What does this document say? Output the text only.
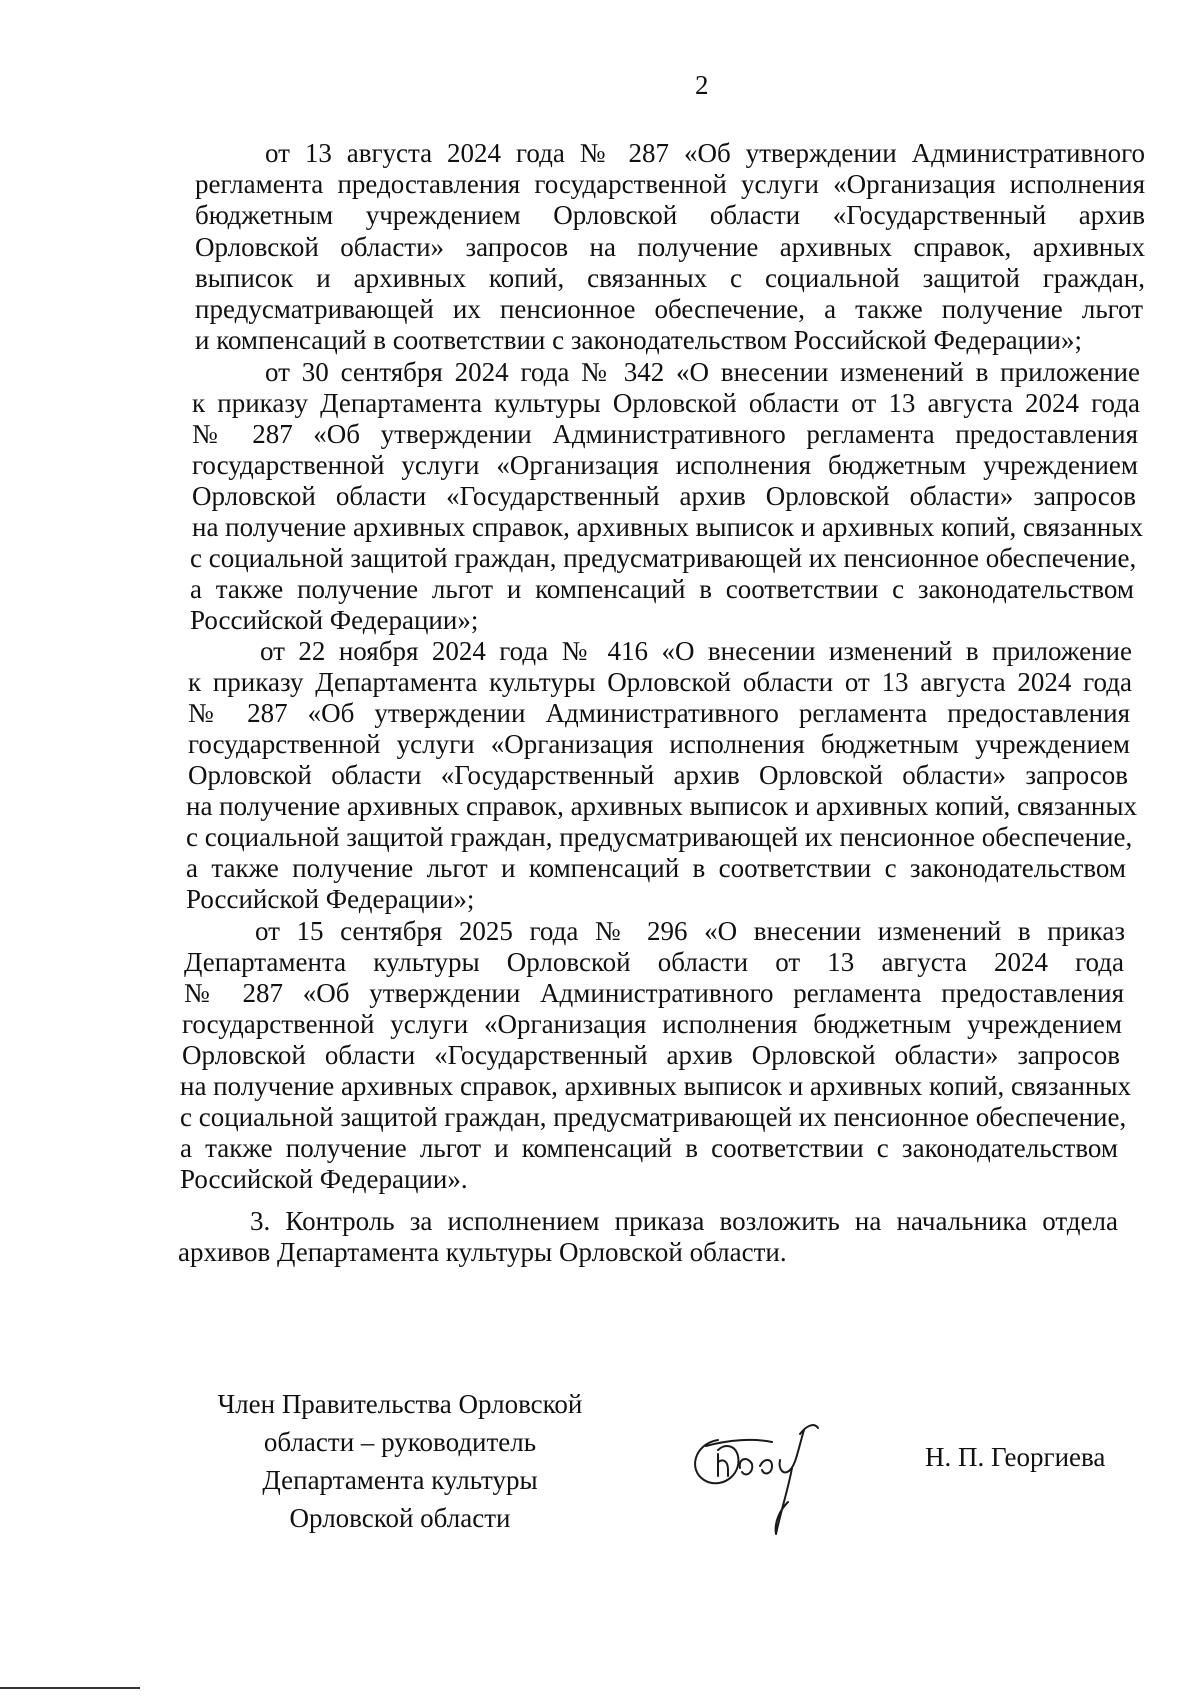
2
от 13 августа 2024 года № 287 «Об утверждении Административного
регламента предоставления государственной услуги «Организация исполнения
бюджетным учреждением Орловской области «Государственный архив
Орловской области» запросов на получение архивных справок, архивных
выписок и архивных копий, связанных с социальной защитой граждан,
предусматривающей их пенсионное обеспечение, а также получение льгот
и компенсаций в соответствии с законодательством Российской Федерации»;
от 30 сентября 2024 года № 342 «О внесении изменений в приложение
к приказу Департамента культуры Орловской области от 13 августа 2024 года
№ 287 «Об утверждении Административного регламента предоставления
государственной услуги «Организация исполнения бюджетным учреждением
Орловской области «Государственный архив Орловской области» запросов
на получение архивных справок, архивных выписок и архивных копий, связанных
с социальной защитой граждан, предусматривающей их пенсионное обеспечение,
а также получение льгот и компенсаций в соответствии с законодательством
Российской Федерации»;
от 22 ноября 2024 года № 416 «О внесении изменений в приложение
к приказу Департамента культуры Орловской области от 13 августа 2024 года
№ 287 «Об утверждении Административного регламента предоставления
государственной услуги «Организация исполнения бюджетным учреждением
Орловской области «Государственный архив Орловской области» запросов
на получение архивных справок, архивных выписок и архивных копий, связанных
с социальной защитой граждан, предусматривающей их пенсионное обеспечение,
а также получение льгот и компенсаций в соответствии с законодательством
Российской Федерации»;
от 15 сентября 2025 года № 296 «О внесении изменений в приказ
Департамента культуры Орловской области от 13 августа 2024 года
№ 287 «Об утверждении Административного регламента предоставления
государственной услуги «Организация исполнения бюджетным учреждением
Орловской области «Государственный архив Орловской области» запросов
на получение архивных справок, архивных выписок и архивных копий, связанных
с социальной защитой граждан, предусматривающей их пенсионное обеспечение,
а также получение льгот и компенсаций в соответствии с законодательством
Российской Федерации».
3. Контроль за исполнением приказа возложить на начальника отдела
архивов Департамента культуры Орловской области.
Член Правительства Орловской
области – руководитель
Департамента культуры
Орловской области
Н. П. Георгиева
